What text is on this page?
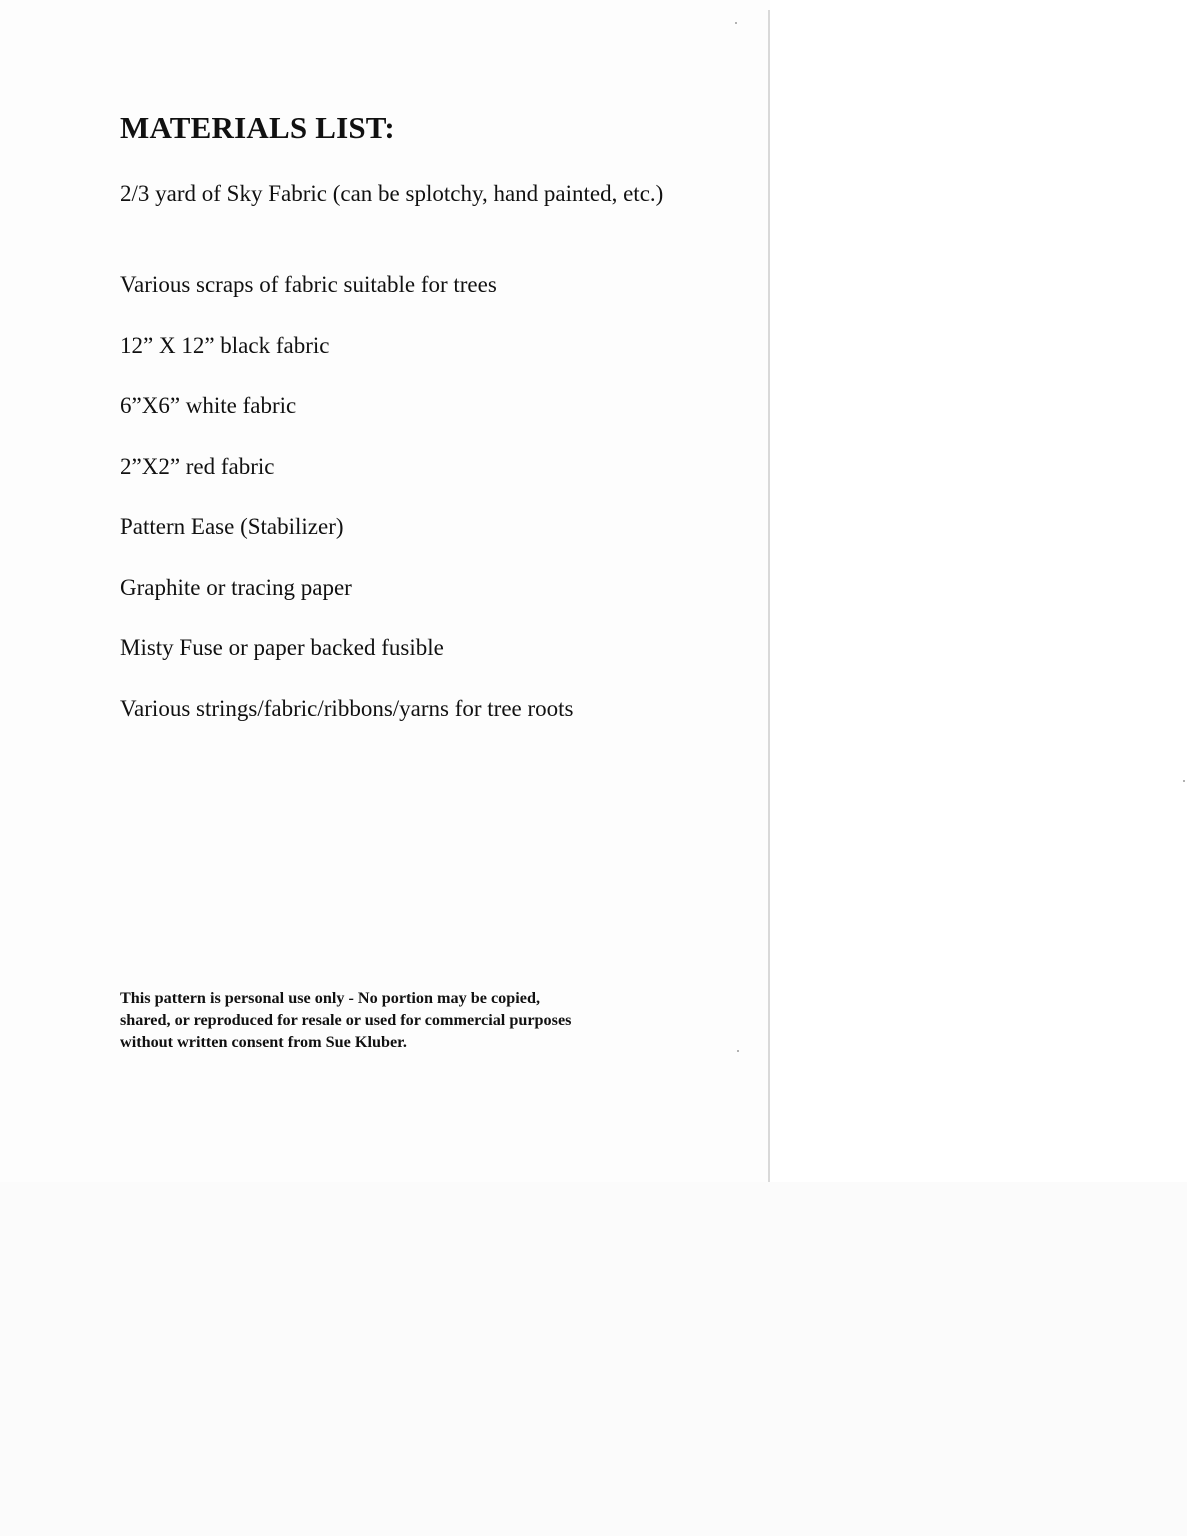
MATERIALS LIST:
2/3 yard of Sky Fabric (can be splotchy, hand painted, etc.)
Various scraps of fabric suitable for trees
12” X 12” black fabric
6”X6” white fabric
2”X2” red fabric
Pattern Ease (Stabilizer)
Graphite or tracing paper
Misty Fuse or paper backed fusible
Various strings/fabric/ribbons/yarns for tree roots

This pattern is personal use only - No portion may be copied,
shared, or reproduced for resale or used for commercial purposes
without written consent from Sue Kluber.
